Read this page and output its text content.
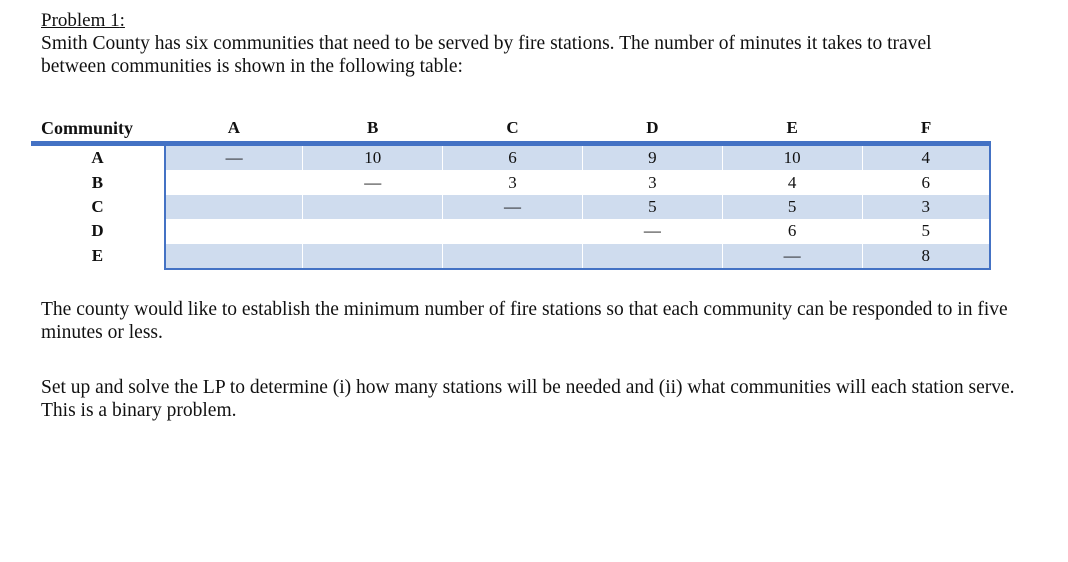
Problem 1:

Smith County has six communities that need to be served by fire stations. The number of minutes it takes to travel between communities is shown in the following table:

Community	A	B	C	D	E	F
A	—	10	6	9	10	4
B		—	3	3	4	6
C			—	5	5	3
D				—	6	5
E					—	8

The county would like to establish the minimum number of fire stations so that each community can be responded to in five minutes or less.

Set up and solve the LP to determine (i) how many stations will be needed and (ii) what communities will each station serve. This is a binary problem.
